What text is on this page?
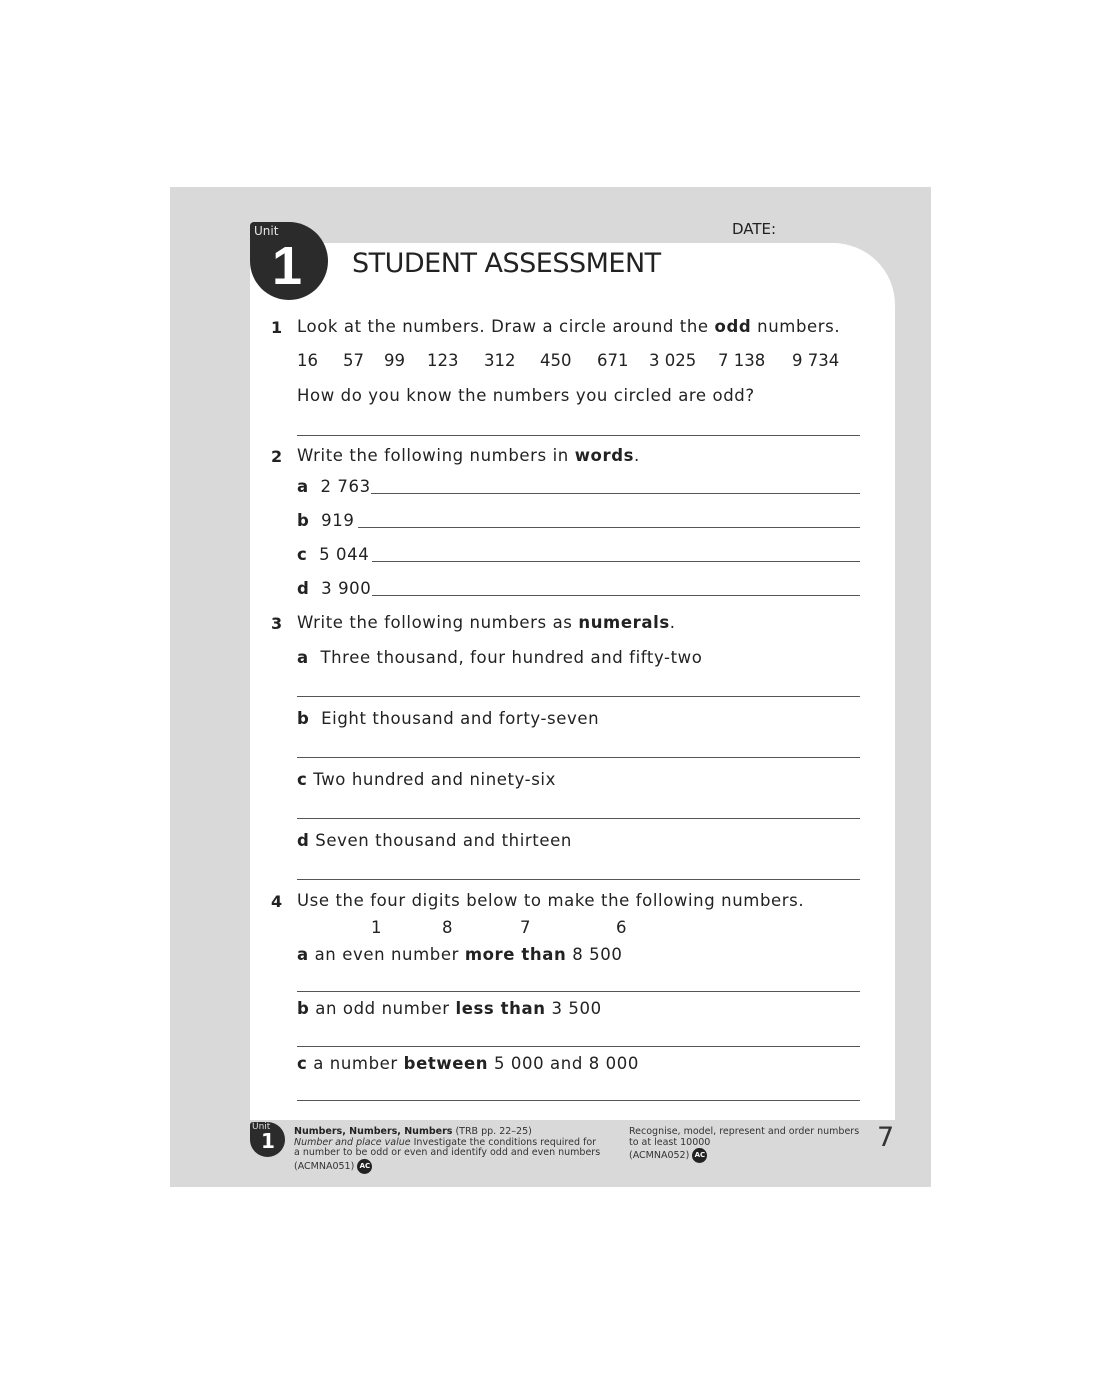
Unit
1 STUDENT ASSESSMENT
DATE:
1 Look at the numbers. Draw a circle around the odd numbers.
16 57 99 123 312 450 671 3 025 7 138 9 734
How do you know the numbers you circled are odd?
2 Write the following numbers in words.
a 2 763
b 919
c 5 044
d 3 900
3 Write the following numbers as numerals.
a Three thousand, four hundred and fifty-two
b Eight thousand and forty-seven
c Two hundred and ninety-six
d Seven thousand and thirteen
4 Use the four digits below to make the following numbers.
1	8	7	6
a an even number more than 8 500
b an odd number less than 3 500
c a number between 5 000 and 8 000
Unit
1 Numbers, Numbers, Numbers (TRB pp. 22–25)
Number and place value Investigate the conditions required for
a number to be odd or even and identify odd and even numbers
(ACMNA051) AC
Recognise, model, represent and order numbers
to at least 10000
(ACMNA052) AC
7
